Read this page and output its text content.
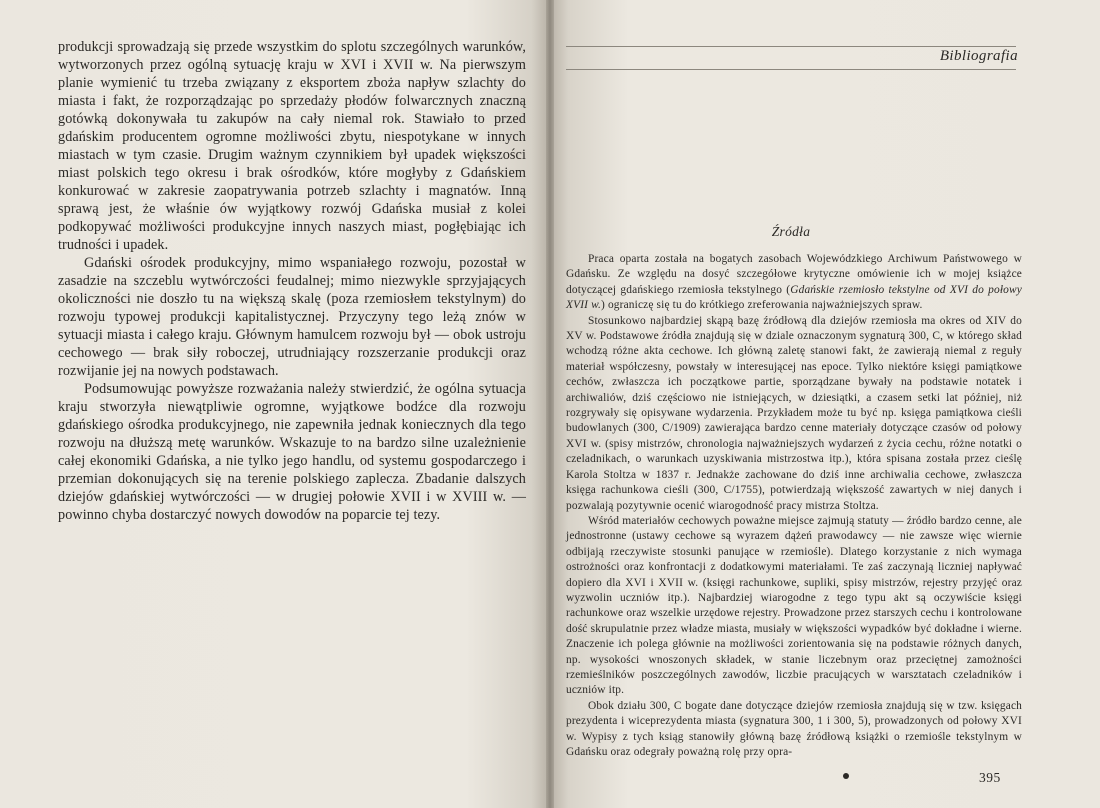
produkcji sprowadzają się przede wszystkim do splotu szczególnych warunków, wytworzonych przez ogólną sytuację kraju w XVI i XVII w. Na pierwszym planie wymienić tu trzeba związany z eksportem zboża napływ szlachty do miasta i fakt, że rozporządzając po sprzedaży płodów folwarcznych znaczną gotówką dokonywała tu zakupów na cały niemal rok. Stawiało to przed gdańskim producentem ogromne możliwości zbytu, niespotykane w innych miastach w tym czasie. Drugim ważnym czynnikiem był upadek większości miast polskich tego okresu i brak ośrodków, które mogłyby z Gdańskiem konkurować w zakresie zaopatrywania potrzeb szlachty i magnatów. Inną sprawą jest, że właśnie ów wyjątkowy rozwój Gdańska musiał z kolei podkopywać możliwości produkcyjne innych naszych miast, pogłębiając ich trudności i upadek.

Gdański ośrodek produkcyjny, mimo wspaniałego rozwoju, pozostał w zasadzie na szczeblu wytwórczości feudalnej; mimo niezwykle sprzyjających okoliczności nie doszło tu na większą skalę (poza rzemiosłem tekstylnym) do rozwoju typowej produkcji kapitalistycznej. Przyczyny tego leżą znów w sytuacji miasta i całego kraju. Głównym hamulcem rozwoju był — obok ustroju cechowego — brak siły roboczej, utrudniający rozszerzanie produkcji oraz rozwijanie jej na nowych podstawach.

Podsumowując powyższe rozważania należy stwierdzić, że ogólna sytuacja kraju stworzyła niewątpliwie ogromne, wyjątkowe bodźce dla rozwoju gdańskiego ośrodka produkcyjnego, nie zapewniła jednak koniecznych dla tego rozwoju na dłuższą metę warunków. Wskazuje to na bardzo silne uzależnienie całej ekonomiki Gdańska, a nie tylko jego handlu, od systemu gospodarczego i przemian dokonujących się na terenie polskiego zaplecza. Zbadanie dalszych dziejów gdańskiej wytwórczości — w drugiej połowie XVII i w XVIII w. — powinno chyba dostarczyć nowych dowodów na poparcie tej tezy.

Bibliografia

Źródła

Praca oparta została na bogatych zasobach Wojewódzkiego Archiwum Państwowego w Gdańsku. Ze względu na dosyć szczegółowe krytyczne omówienie ich w mojej książce dotyczącej gdańskiego rzemiosła tekstylnego (Gdańskie rzemiosło tekstylne od XVI do połowy XVII w.) ograniczę się tu do krótkiego zreferowania najważniejszych spraw.

Stosunkowo najbardziej skąpą bazę źródłową dla dziejów rzemiosła ma okres od XIV do XV w. Podstawowe źródła znajdują się w dziale oznaczonym sygnaturą 300, C, w którego skład wchodzą różne akta cechowe. Ich główną zaletę stanowi fakt, że zawierają niemal z reguły materiał współczesny, powstały w interesującej nas epoce. Tylko niektóre księgi pamiątkowe cechów, zwłaszcza ich początkowe partie, sporządzane bywały na podstawie notatek i archiwaliów, dziś częściowo nie istniejących, w dziesiątki, a czasem setki lat później, niż rozgrywały się opisywane wydarzenia. Przykładem może tu być np. księga pamiątkowa cieśli budowlanych (300, C/1909) zawierająca bardzo cenne materiały dotyczące czasów od połowy XVI w. (spisy mistrzów, chronologia najważniejszych wydarzeń z życia cechu, różne notatki o czeladnikach, o warunkach uzyskiwania mistrzostwa itp.), która spisana została przez cieślę Karola Stoltza w 1837 r. Jednakże zachowane do dziś inne archiwalia cechowe, zwłaszcza księga rachunkowa cieśli (300, C/1755), potwierdzają większość zawartych w niej danych i pozwalają pozytywnie ocenić wiarogodność pracy mistrza Stoltza.

Wśród materiałów cechowych poważne miejsce zajmują statuty — źródło bardzo cenne, ale jednostronne (ustawy cechowe są wyrazem dążeń prawodawcy — nie zawsze więc wiernie odbijają rzeczywiste stosunki panujące w rzemiośle). Dlatego korzystanie z nich wymaga ostrożności oraz konfrontacji z dodatkowymi materiałami. Te zaś zaczynają liczniej napływać dopiero dla XVI i XVII w. (księgi rachunkowe, supliki, spisy mistrzów, rejestry przyjęć oraz wyzwolin uczniów itp.). Najbardziej wiarogodne z tego typu akt są oczywiście księgi rachunkowe oraz wszelkie urzędowe rejestry. Prowadzone przez starszych cechu i kontrolowane dość skrupulatnie przez władze miasta, musiały w większości wypadków być dokładne i wierne. Znaczenie ich polega głównie na możliwości zorientowania się na podstawie różnych danych, np. wysokości wnoszonych składek, w stanie liczebnym oraz przeciętnej zamożności rzemieślników poszczególnych zawodów, liczbie pracujących w warsztatach czeladników i uczniów itp.

Obok działu 300, C bogate dane dotyczące dziejów rzemiosła znajdują się w tzw. księgach prezydenta i wiceprezydenta miasta (sygnatura 300, 1 i 300, 5), prowadzonych od połowy XVI w. Wypisy z tych ksiąg stanowiły główną bazę źródłową książki o rzemiośle tekstylnym w Gdańsku oraz odegrały poważną rolę przy opra-

395
